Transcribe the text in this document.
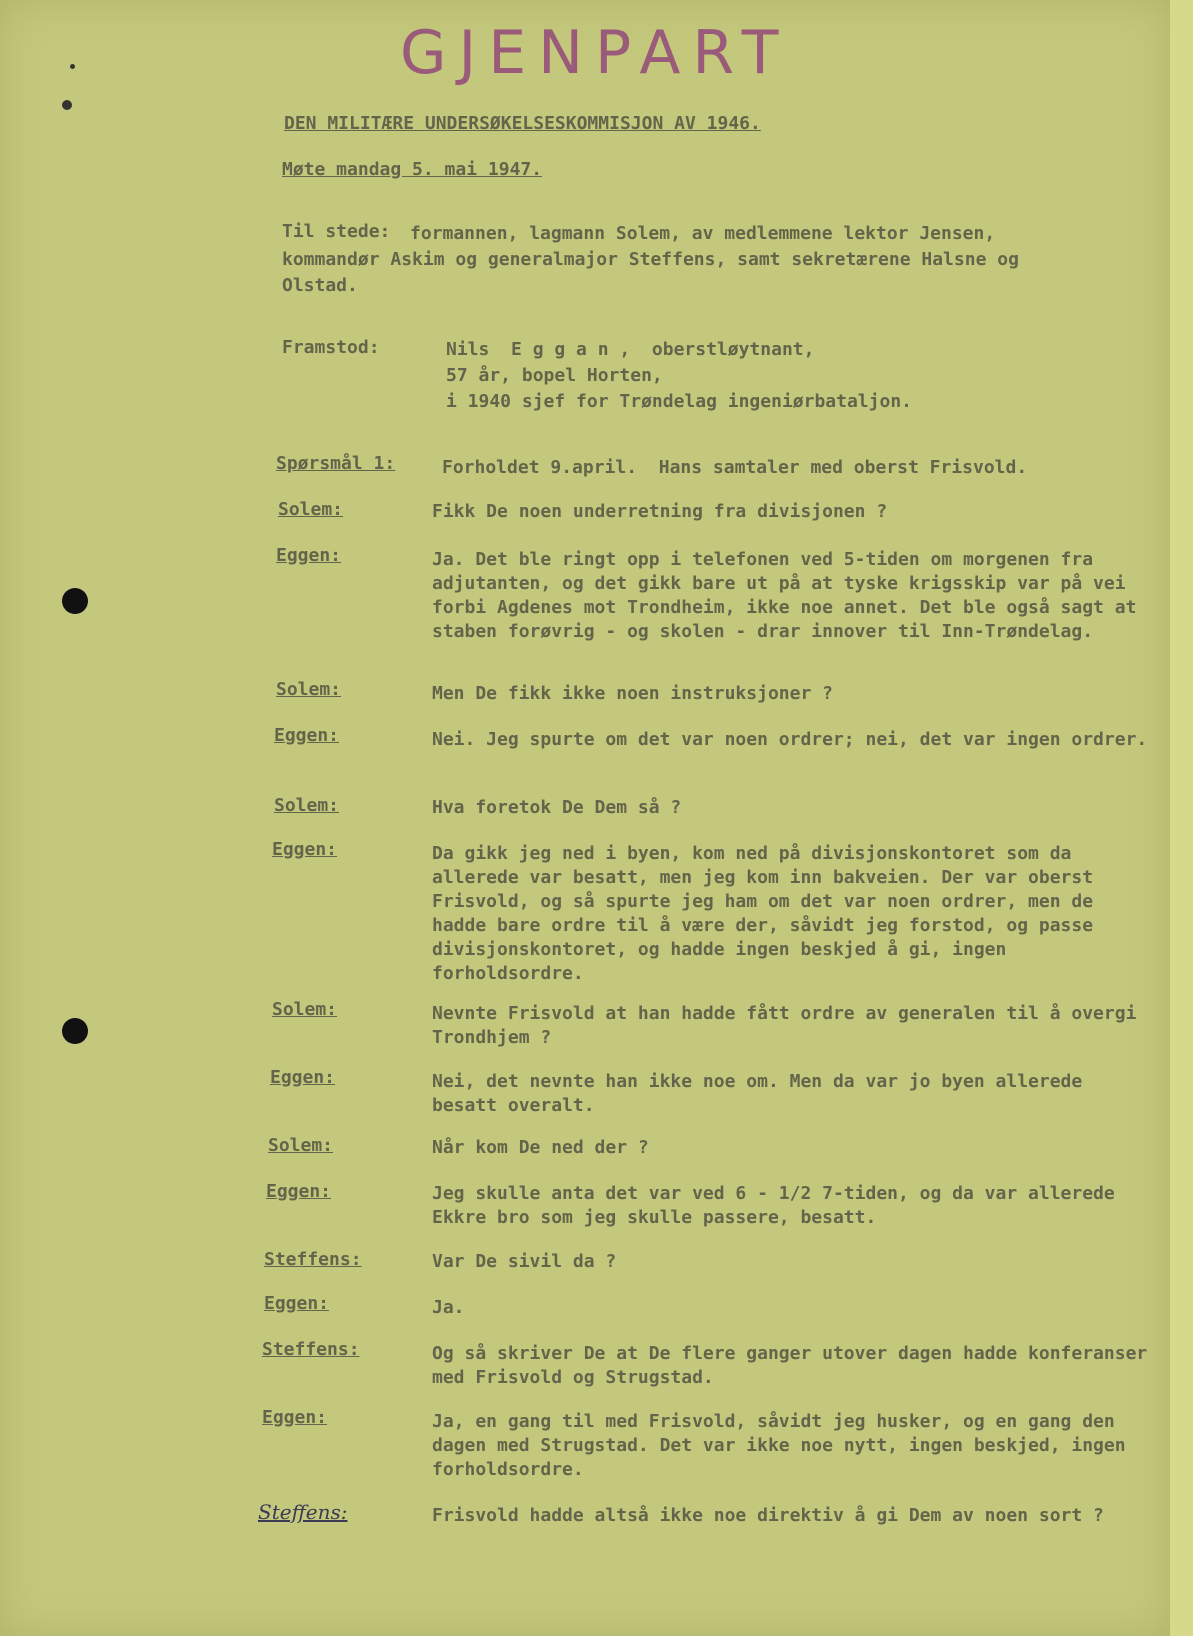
GJENPART
DEN MILITÆRE UNDERSØKELSESKOMMISJON AV 1946.
Møte mandag 5. mai 1947.
Til stede: formannen, lagmann Solem, av medlemmene lektor Jensen,
kommandør Askim og generalmajor Steffens, samt sekretærene Halsne og
Olstad.
Framstod:	Nils  E g g a n ,  oberstløytnant,
57 år, bopel Horten,
i 1940 sjef for Trøndelag ingeniørbataljon.
Spørsmål 1:	Forholdet 9.april.  Hans samtaler med oberst Frisvold.
Solem:	Fikk De noen underretning fra divisjonen ?
Eggen:	Ja. Det ble ringt opp i telefonen ved 5-tiden om morgenen fra adjutanten, og det gikk bare ut på at tyske krigsskip var på vei forbi Agdenes mot Trondheim, ikke noe annet. Det ble også sagt at staben forøvrig - og skolen - drar innover til Inn-Trøndelag.
Solem:	Men De fikk ikke noen instruksjoner ?
Eggen:	Nei. Jeg spurte om det var noen ordrer; nei, det var ingen ordrer.
Solem:	Hva foretok De Dem så ?
Eggen:	Da gikk jeg ned i byen, kom ned på divisjonskontoret som da allerede var besatt, men jeg kom inn bakveien. Der var oberst Frisvold, og så spurte jeg ham om det var noen ordrer, men de hadde bare ordre til å være der, såvidt jeg forstod, og passe divisjonskontoret, og hadde ingen beskjed å gi, ingen forholdsordre.
Solem:	Nevnte Frisvold at han hadde fått ordre av generalen til å overgi Trondhjem ?
Eggen:	Nei, det nevnte han ikke noe om. Men da var jo byen allerede besatt overalt.
Solem:	Når kom De ned der ?
Eggen:	Jeg skulle anta det var ved 6 - 1/2 7-tiden, og da var allerede Ekkre bro som jeg skulle passere, besatt.
Steffens:	Var De sivil da ?
Eggen:	Ja.
Steffens:	Og så skriver De at De flere ganger utover dagen hadde konferanser med Frisvold og Strugstad.
Eggen:	Ja, en gang til med Frisvold, såvidt jeg husker, og en gang den dagen med Strugstad. Det var ikke noe nytt, ingen beskjed, ingen forholdsordre.
Steffens:	Frisvold hadde altså ikke noe direktiv å gi Dem av noen sort ?
